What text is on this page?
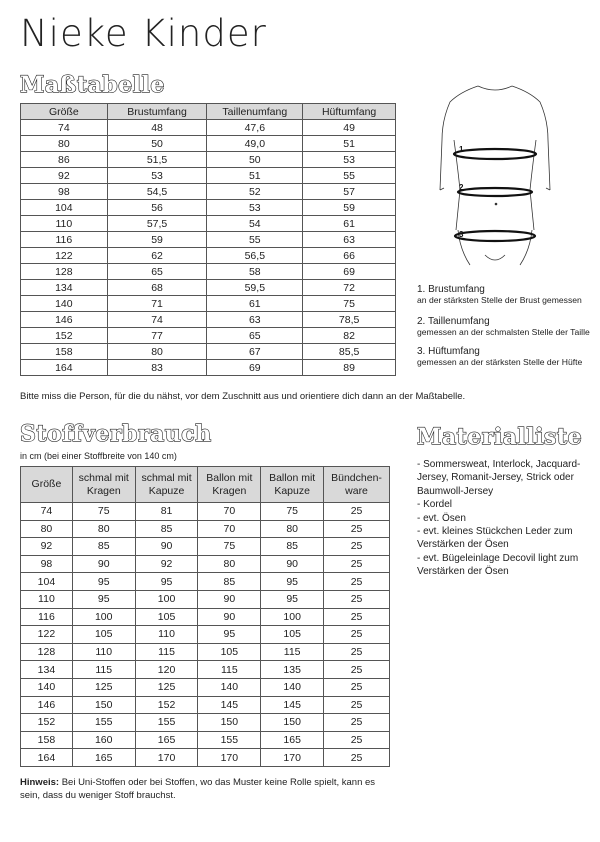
Nieke Kinder
Maßtabelle
Größe	Brustumfang	Taillenumfang	Hüftumfang
74	48	47,6	49
80	50	49,0	51
86	51,5	50	53
92	53	51	55
98	54,5	52	57
104	56	53	59
110	57,5	54	61
116	59	55	63
122	62	56,5	66
128	65	58	69
134	68	59,5	72
140	71	61	75
146	74	63	78,5
152	77	65	82
158	80	67	85,5
164	83	69	89
Bitte miss die Person, für die du nähst, vor dem Zuschnitt aus und orientiere dich dann an der Maßtabelle.
1
2
3
1. Brustumfang
an der stärksten Stelle der Brust gemessen
2. Taillenumfang
gemessen an der schmalsten Stelle der Taille
3. Hüftumfang
gemessen an der stärksten Stelle der Hüfte
Stoffverbrauch
in cm (bei einer Stoffbreite von 140 cm)
Größe	schmal mit Kragen	schmal mit Kapuze	Ballon mit Kragen	Ballon mit Kapuze	Bündchen- ware
74	75	81	70	75	25
80	80	85	70	80	25
92	85	90	75	85	25
98	90	92	80	90	25
104	95	95	85	95	25
110	95	100	90	95	25
116	100	105	90	100	25
122	105	110	95	105	25
128	110	115	105	115	25
134	115	120	115	135	25
140	125	125	140	140	25
146	150	152	145	145	25
152	155	155	150	150	25
158	160	165	155	165	25
164	165	170	170	170	25
Hinweis: Bei Uni-Stoffen oder bei Stoffen, wo das Muster keine Rolle spielt, kann es sein, dass du weniger Stoff brauchst.
Materialliste
- Sommersweat, Interlock, Jacquard-Jersey, Romanit-Jersey, Strick oder Baumwoll-Jersey
- Kordel
- evt. Ösen
- evt. kleines Stückchen Leder zum Verstärken der Ösen
- evt. Bügeleinlage Decovil light zum Verstärken der Ösen
